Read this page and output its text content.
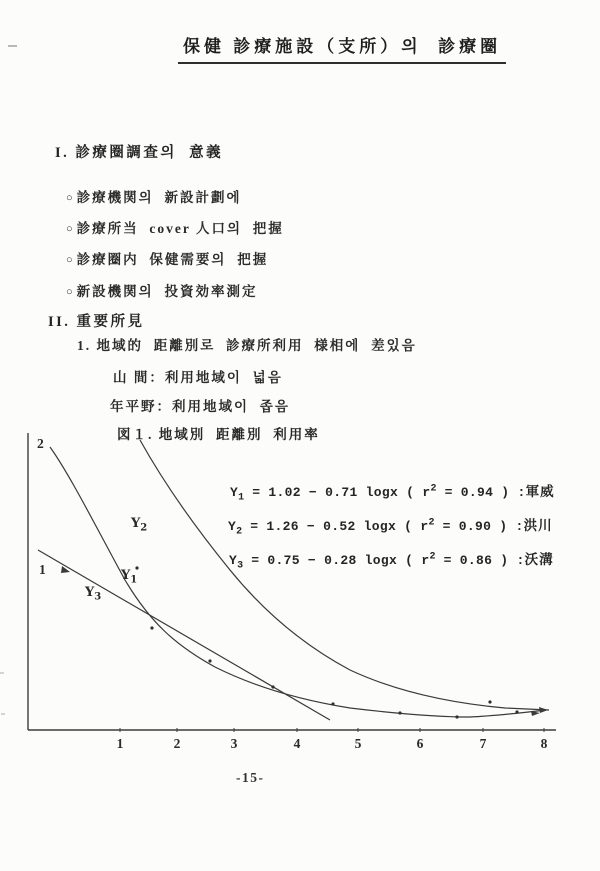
保健 診療施設（支所）의  診療圈
I. 診療圈調査의  意義
○ 診療機関의  新設計劃에
○ 診療所当  cover 人口의  把握
○ 診療圈内  保健需要의  把握
○ 新設機関의  投資効率測定
II. 重要所見
1. 地域的  距離別로  診療所利用  様相에  差있음
山 間：利用地域이  넓음
年平野：利用地域이  좁음
図１. 地域別  距離別  利用率
2
1
$Y_2$
$Y_1$
$Y_3$
$Y_1 = 1.02 - 0.71$ logx ( $r^2 = 0.94$ ) :軍威
$Y_2 = 1.26 - 0.52$ logx ( $r^2 = 0.90$ ) :洪川
$Y_3 = 0.75 - 0.28$ logx ( $r^2 = 0.86$ ) :沃溝
1	2	3	4	5	6	7	8
-15-
